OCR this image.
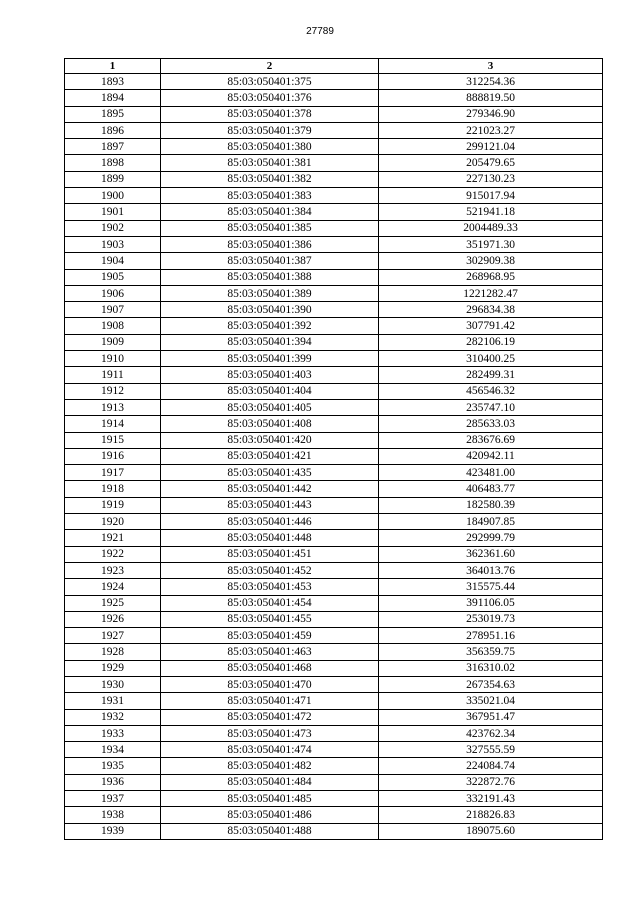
27789
1	2	3
1893	85:03:050401:375	312254.36
1894	85:03:050401:376	888819.50
1895	85:03:050401:378	279346.90
1896	85:03:050401:379	221023.27
1897	85:03:050401:380	299121.04
1898	85:03:050401:381	205479.65
1899	85:03:050401:382	227130.23
1900	85:03:050401:383	915017.94
1901	85:03:050401:384	521941.18
1902	85:03:050401:385	2004489.33
1903	85:03:050401:386	351971.30
1904	85:03:050401:387	302909.38
1905	85:03:050401:388	268968.95
1906	85:03:050401:389	1221282.47
1907	85:03:050401:390	296834.38
1908	85:03:050401:392	307791.42
1909	85:03:050401:394	282106.19
1910	85:03:050401:399	310400.25
1911	85:03:050401:403	282499.31
1912	85:03:050401:404	456546.32
1913	85:03:050401:405	235747.10
1914	85:03:050401:408	285633.03
1915	85:03:050401:420	283676.69
1916	85:03:050401:421	420942.11
1917	85:03:050401:435	423481.00
1918	85:03:050401:442	406483.77
1919	85:03:050401:443	182580.39
1920	85:03:050401:446	184907.85
1921	85:03:050401:448	292999.79
1922	85:03:050401:451	362361.60
1923	85:03:050401:452	364013.76
1924	85:03:050401:453	315575.44
1925	85:03:050401:454	391106.05
1926	85:03:050401:455	253019.73
1927	85:03:050401:459	278951.16
1928	85:03:050401:463	356359.75
1929	85:03:050401:468	316310.02
1930	85:03:050401:470	267354.63
1931	85:03:050401:471	335021.04
1932	85:03:050401:472	367951.47
1933	85:03:050401:473	423762.34
1934	85:03:050401:474	327555.59
1935	85:03:050401:482	224084.74
1936	85:03:050401:484	322872.76
1937	85:03:050401:485	332191.43
1938	85:03:050401:486	218826.83
1939	85:03:050401:488	189075.60
